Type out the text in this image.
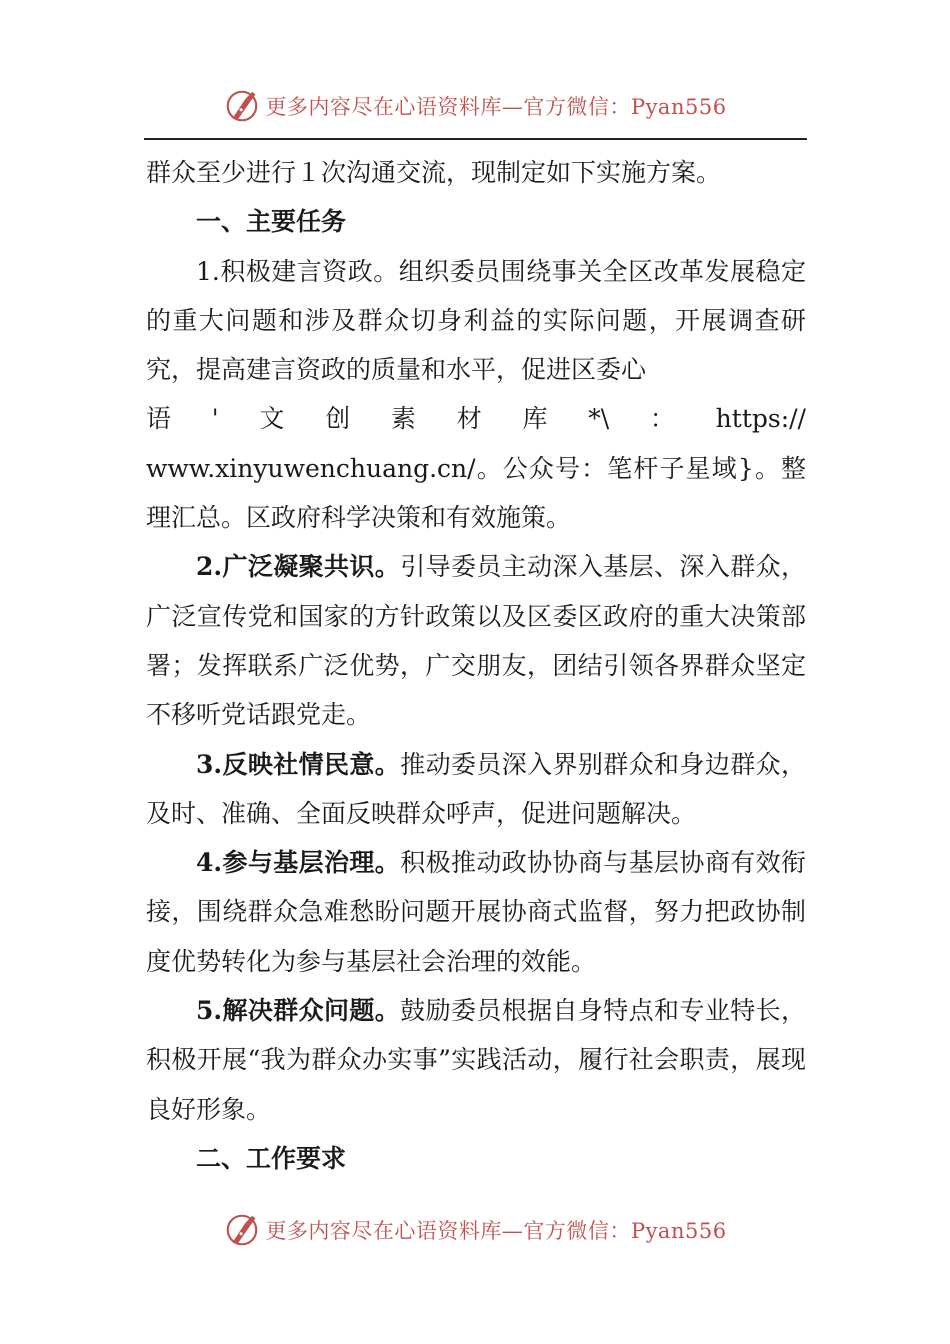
更多内容尽在心语资料库—官方微信：Pyan556

群众至少进行１次沟通交流，现制定如下实施方案。

一、主要任务

1.积极建言资政。组织委员围绕事关全区改革发展稳定的重大问题和涉及群众切身利益的实际问题，开展调查研究，提高建言资政的质量和水平，促进区委心

语 ' 文 创 素 材 库 *\ ： https://

www.xinyuwenchuang.cn/。公众号：笔杆子星域}。整理汇总。区政府科学决策和有效施策。

2.广泛凝聚共识。引导委员主动深入基层、深入群众，广泛宣传党和国家的方针政策以及区委区政府的重大决策部署；发挥联系广泛优势，广交朋友，团结引领各界群众坚定不移听党话跟党走。

3.反映社情民意。推动委员深入界别群众和身边群众，及时、准确、全面反映群众呼声，促进问题解决。

4.参与基层治理。积极推动政协协商与基层协商有效衔接，围绕群众急难愁盼问题开展协商式监督，努力把政协制度优势转化为参与基层社会治理的效能。

5.解决群众问题。鼓励委员根据自身特点和专业特长，积极开展“我为群众办实事”实践活动，履行社会职责，展现良好形象。

二、工作要求

更多内容尽在心语资料库—官方微信：Pyan556
